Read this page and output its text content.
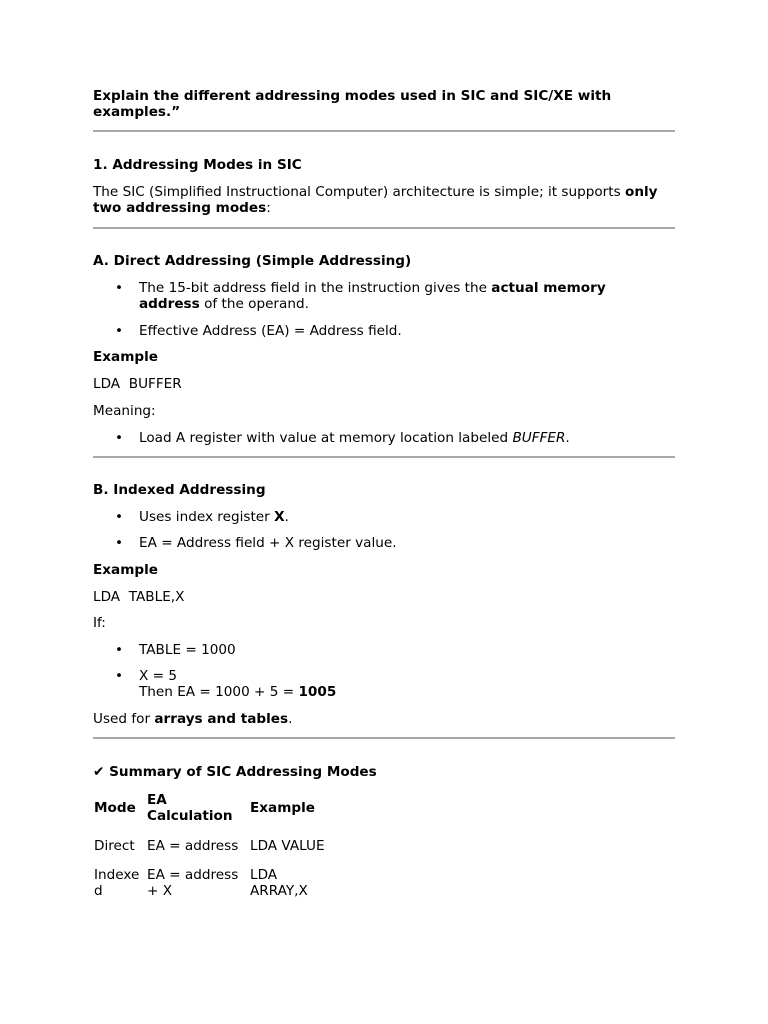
Explain the different addressing modes used in SIC and SIC/XE with examples.”

1. Addressing Modes in SIC

The SIC (Simplified Instructional Computer) architecture is simple; it supports only two addressing modes:

A. Direct Addressing (Simple Addressing)

• The 15-bit address field in the instruction gives the actual memory address of the operand.
• Effective Address (EA) = Address field.

Example

LDA  BUFFER

Meaning:

• Load A register with value at memory location labeled BUFFER.

B. Indexed Addressing

• Uses index register X.
• EA = Address field + X register value.

Example

LDA  TABLE,X

If:

• TABLE = 1000
• X = 5
Then EA = 1000 + 5 = 1005

Used for arrays and tables.

✔ Summary of SIC Addressing Modes

Mode	EA Calculation	Example
Direct	EA = address	LDA VALUE
Indexed	EA = address + X	LDA ARRAY,X
